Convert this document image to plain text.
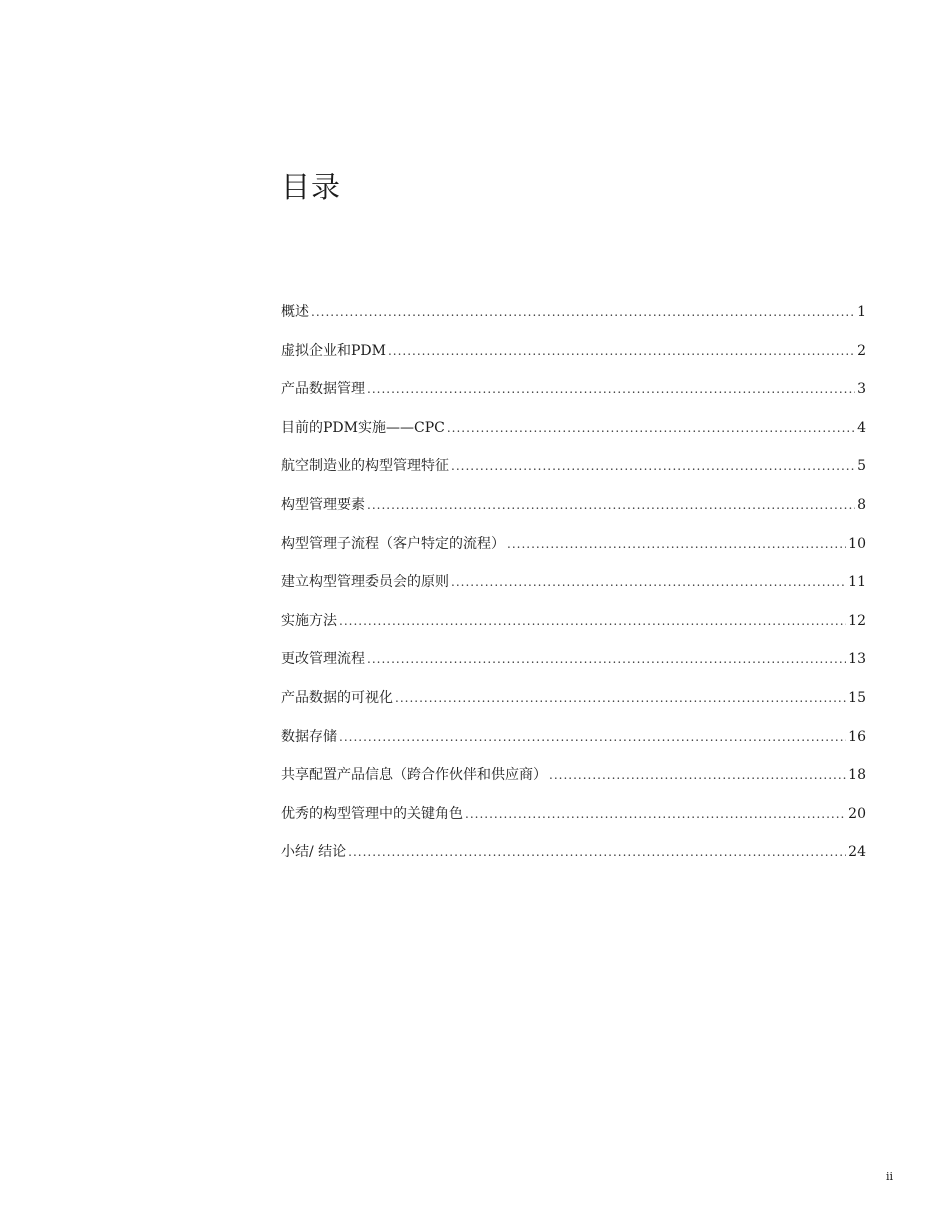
目录
概述 .....	1
虚拟企业和PDM .....	2
产品数据管理 .....	3
目前的PDM实施——CPC .....	4
航空制造业的构型管理特征 .....	5
构型管理要素 .....	8
构型管理子流程（客户特定的流程） .....	10
建立构型管理委员会的原则 .....	11
实施方法 .....	12
更改管理流程 .....	13
产品数据的可视化 .....	15
数据存储 .....	16
共享配置产品信息（跨合作伙伴和供应商） .....	18
优秀的构型管理中的关键角色 .....	20
小结/ 结论 .....	24
ii
